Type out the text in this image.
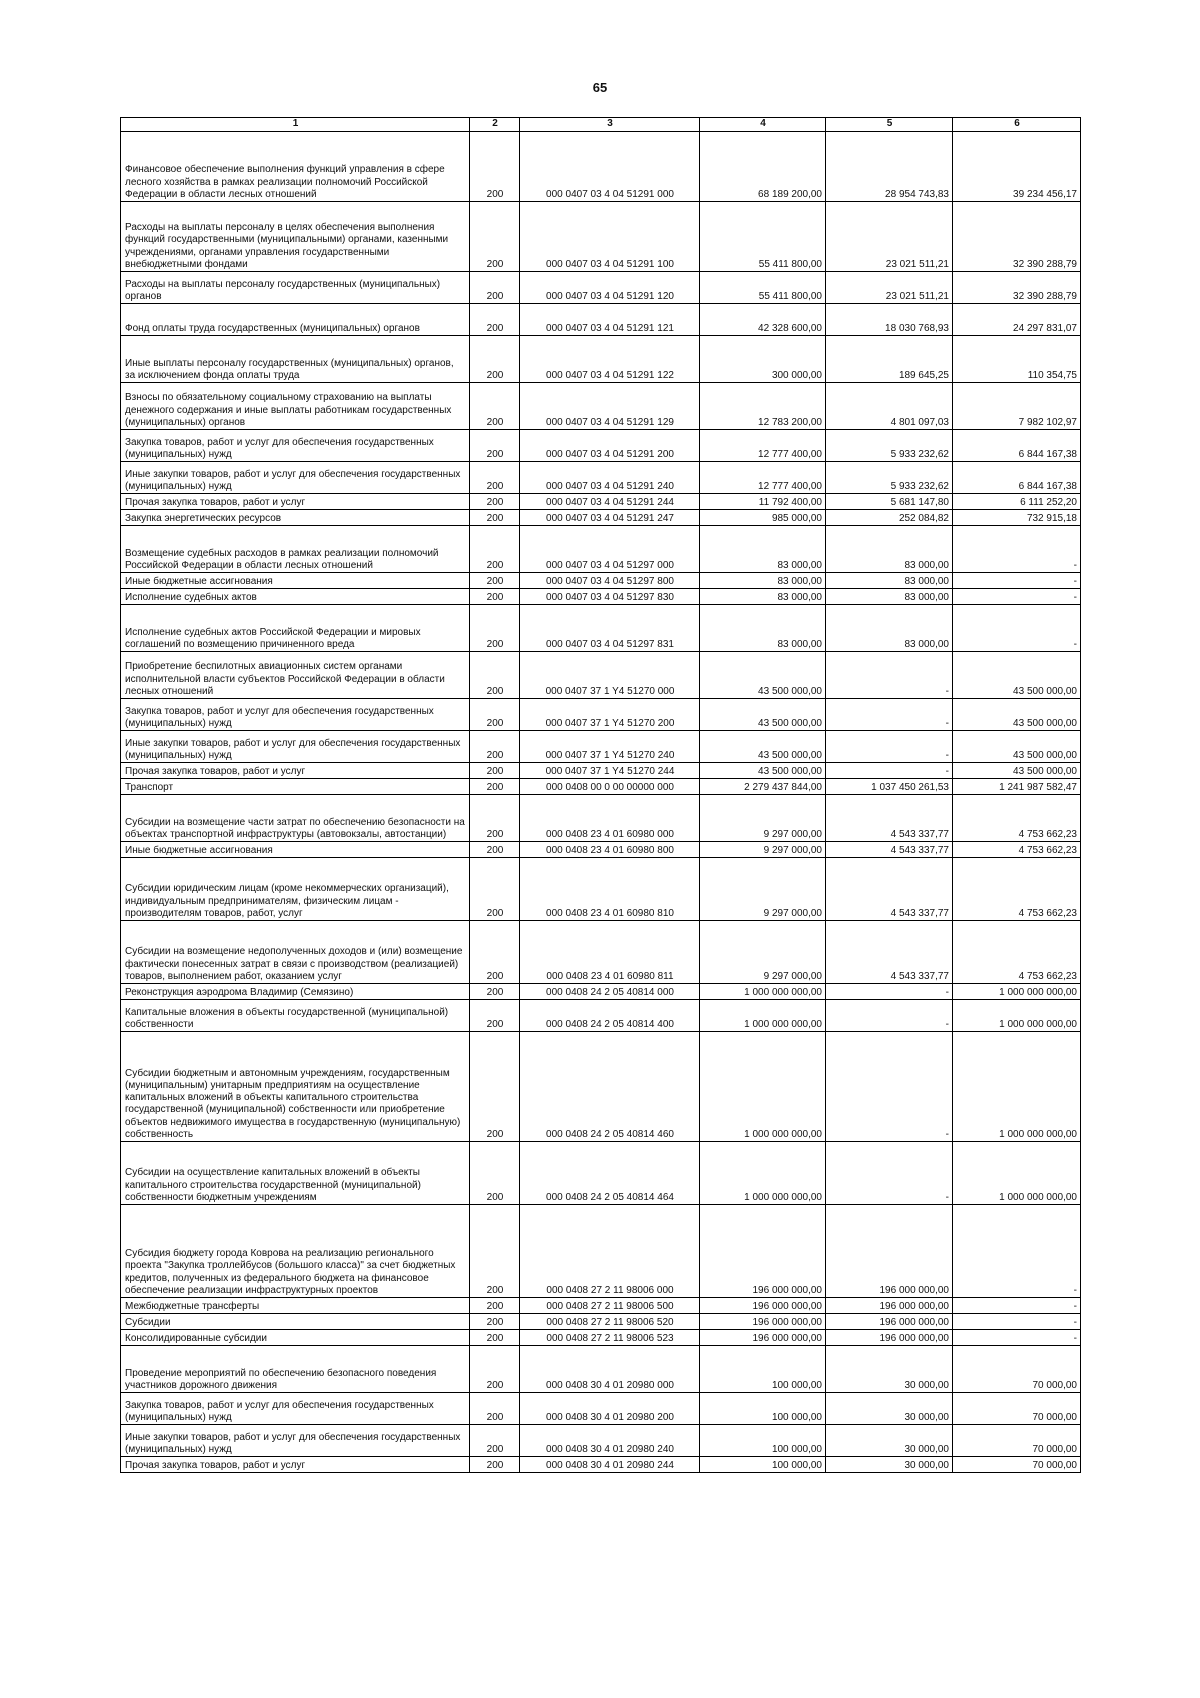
65
1	2	3	4	5	6
Финансовое обеспечение выполнения функций управления в сфере лесного хозяйства в рамках реализации полномочий Российской Федерации в области лесных отношений	200	000 0407 03 4 04 51291 000	68 189 200,00	28 954 743,83	39 234 456,17
Расходы на выплаты персоналу в целях обеспечения выполнения функций государственными (муниципальными) органами, казенными учреждениями, органами управления государственными внебюджетными фондами	200	000 0407 03 4 04 51291 100	55 411 800,00	23 021 511,21	32 390 288,79
Расходы на выплаты персоналу государственных (муниципальных) органов	200	000 0407 03 4 04 51291 120	55 411 800,00	23 021 511,21	32 390 288,79
Фонд оплаты труда государственных (муниципальных) органов	200	000 0407 03 4 04 51291 121	42 328 600,00	18 030 768,93	24 297 831,07
Иные выплаты персоналу государственных (муниципальных) органов, за исключением фонда оплаты труда	200	000 0407 03 4 04 51291 122	300 000,00	189 645,25	110 354,75
Взносы по обязательному социальному страхованию на выплаты денежного содержания и иные выплаты работникам государственных (муниципальных) органов	200	000 0407 03 4 04 51291 129	12 783 200,00	4 801 097,03	7 982 102,97
Закупка товаров, работ и услуг для обеспечения государственных (муниципальных) нужд	200	000 0407 03 4 04 51291 200	12 777 400,00	5 933 232,62	6 844 167,38
Иные закупки товаров, работ и услуг для обеспечения государственных (муниципальных) нужд	200	000 0407 03 4 04 51291 240	12 777 400,00	5 933 232,62	6 844 167,38
Прочая закупка товаров, работ и услуг	200	000 0407 03 4 04 51291 244	11 792 400,00	5 681 147,80	6 111 252,20
Закупка энергетических ресурсов	200	000 0407 03 4 04 51291 247	985 000,00	252 084,82	732 915,18
Возмещение судебных расходов в рамках реализации полномочий Российской Федерации в области лесных отношений	200	000 0407 03 4 04 51297 000	83 000,00	83 000,00	-
Иные бюджетные ассигнования	200	000 0407 03 4 04 51297 800	83 000,00	83 000,00	-
Исполнение судебных актов	200	000 0407 03 4 04 51297 830	83 000,00	83 000,00	-
Исполнение судебных актов Российской Федерации и мировых соглашений по возмещению причиненного вреда	200	000 0407 03 4 04 51297 831	83 000,00	83 000,00	-
Приобретение беспилотных авиационных систем органами исполнительной власти субъектов Российской Федерации в области лесных отношений	200	000 0407 37 1 Y4 51270 000	43 500 000,00	-	43 500 000,00
Закупка товаров, работ и услуг для обеспечения государственных (муниципальных) нужд	200	000 0407 37 1 Y4 51270 200	43 500 000,00	-	43 500 000,00
Иные закупки товаров, работ и услуг для обеспечения государственных (муниципальных) нужд	200	000 0407 37 1 Y4 51270 240	43 500 000,00	-	43 500 000,00
Прочая закупка товаров, работ и услуг	200	000 0407 37 1 Y4 51270 244	43 500 000,00	-	43 500 000,00
Транспорт	200	000 0408 00 0 00 00000 000	2 279 437 844,00	1 037 450 261,53	1 241 987 582,47
Субсидии на возмещение части затрат по обеспечению безопасности на объектах транспортной инфраструктуры (автовокзалы, автостанции)	200	000 0408 23 4 01 60980 000	9 297 000,00	4 543 337,77	4 753 662,23
Иные бюджетные ассигнования	200	000 0408 23 4 01 60980 800	9 297 000,00	4 543 337,77	4 753 662,23
Субсидии юридическим лицам (кроме некоммерческих организаций), индивидуальным предпринимателям, физическим лицам - производителям товаров, работ, услуг	200	000 0408 23 4 01 60980 810	9 297 000,00	4 543 337,77	4 753 662,23
Субсидии на возмещение недополученных доходов и (или) возмещение фактически понесенных затрат в связи с производством (реализацией) товаров, выполнением работ, оказанием услуг	200	000 0408 23 4 01 60980 811	9 297 000,00	4 543 337,77	4 753 662,23
Реконструкция аэродрома Владимир (Семязино)	200	000 0408 24 2 05 40814 000	1 000 000 000,00	-	1 000 000 000,00
Капитальные вложения в объекты государственной (муниципальной) собственности	200	000 0408 24 2 05 40814 400	1 000 000 000,00	-	1 000 000 000,00
Субсидии бюджетным и автономным учреждениям, государственным (муниципальным) унитарным предприятиям на осуществление капитальных вложений в объекты капитального строительства государственной (муниципальной) собственности или приобретение объектов недвижимого имущества в государственную (муниципальную) собственность	200	000 0408 24 2 05 40814 460	1 000 000 000,00	-	1 000 000 000,00
Субсидии на осуществление капитальных вложений в объекты капитального строительства государственной (муниципальной) собственности бюджетным учреждениям	200	000 0408 24 2 05 40814 464	1 000 000 000,00	-	1 000 000 000,00
Субсидия бюджету города Коврова на реализацию регионального проекта "Закупка троллейбусов (большого класса)" за счет бюджетных кредитов, полученных из федерального бюджета на финансовое обеспечение реализации инфраструктурных проектов	200	000 0408 27 2 11 98006 000	196 000 000,00	196 000 000,00	-
Межбюджетные трансферты	200	000 0408 27 2 11 98006 500	196 000 000,00	196 000 000,00	-
Субсидии	200	000 0408 27 2 11 98006 520	196 000 000,00	196 000 000,00	-
Консолидированные субсидии	200	000 0408 27 2 11 98006 523	196 000 000,00	196 000 000,00	-
Проведение мероприятий по обеспечению безопасного поведения участников дорожного движения	200	000 0408 30 4 01 20980 000	100 000,00	30 000,00	70 000,00
Закупка товаров, работ и услуг для обеспечения государственных (муниципальных) нужд	200	000 0408 30 4 01 20980 200	100 000,00	30 000,00	70 000,00
Иные закупки товаров, работ и услуг для обеспечения государственных (муниципальных) нужд	200	000 0408 30 4 01 20980 240	100 000,00	30 000,00	70 000,00
Прочая закупка товаров, работ и услуг	200	000 0408 30 4 01 20980 244	100 000,00	30 000,00	70 000,00
